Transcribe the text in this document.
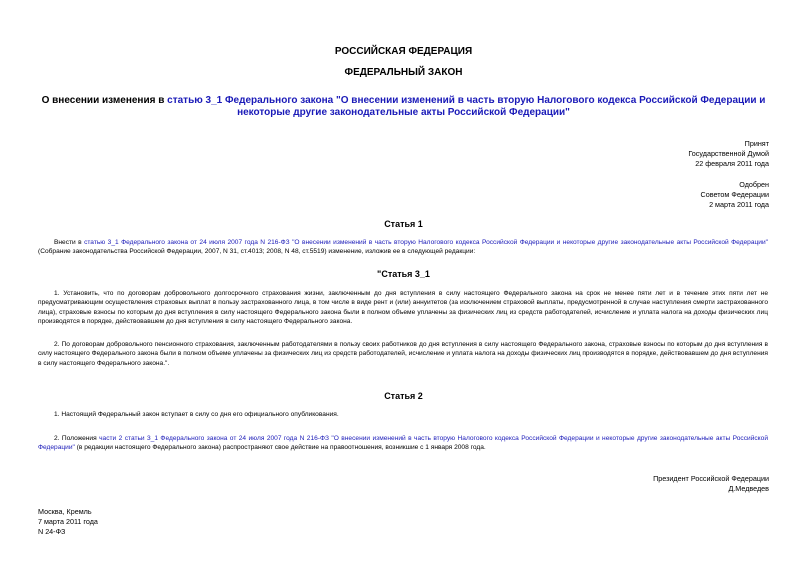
РОССИЙСКАЯ ФЕДЕРАЦИЯ
ФЕДЕРАЛЬНЫЙ ЗАКОН
О внесении изменения в статью 3_1 Федерального закона "О внесении изменений в часть вторую Налогового кодекса Российской Федерации и некоторые другие законодательные акты Российской Федерации"
Принят
Государственной Думой
22 февраля 2011 года
Одобрен
Советом Федерации
2 марта 2011 года
Статья 1
Внести в статью 3_1 Федерального закона от 24 июля 2007 года N 216-ФЗ "О внесении изменений в часть вторую Налогового кодекса Российской Федерации и некоторые другие законодательные акты Российской Федерации" (Собрание законодательства Российской Федерации, 2007, N 31, ст.4013; 2008, N 48, ст.5519) изменение, изложив ее в следующей редакции:
"Статья 3_1
1. Установить, что по договорам добровольного долгосрочного страхования жизни, заключенным до дня вступления в силу настоящего Федерального закона на срок не менее пяти лет и в течение этих пяти лет не предусматривающим осуществления страховых выплат в пользу застрахованного лица, в том числе в виде рент и (или) аннуитетов (за исключением страховой выплаты, предусмотренной в случае наступления смерти застрахованного лица), страховые взносы по которым до дня вступления в силу настоящего Федерального закона были в полном объеме уплачены за физических лиц из средств работодателей, исчисление и уплата налога на доходы физических лиц производятся в порядке, действовавшем до дня вступления в силу настоящего Федерального закона.
2. По договорам добровольного пенсионного страхования, заключенным работодателями в пользу своих работников до дня вступления в силу настоящего Федерального закона, страховые взносы по которым до дня вступления в силу настоящего Федерального закона были в полном объеме уплачены за физических лиц из средств работодателей, исчисление и уплата налога на доходы физических лиц производятся в порядке, действовавшем до дня вступления в силу настоящего Федерального закона.".
Статья 2
1. Настоящий Федеральный закон вступает в силу со дня его официального опубликования.
2. Положения части 2 статьи 3_1 Федерального закона от 24 июля 2007 года N 216-ФЗ "О внесении изменений в часть вторую Налогового кодекса Российской Федерации и некоторые другие законодательные акты Российской Федерации" (в редакции настоящего Федерального закона) распространяют свое действие на правоотношения, возникшие с 1 января 2008 года.
Президент Российской Федерации
Д.Медведев
Москва, Кремль
7 марта 2011 года
N 24-ФЗ
